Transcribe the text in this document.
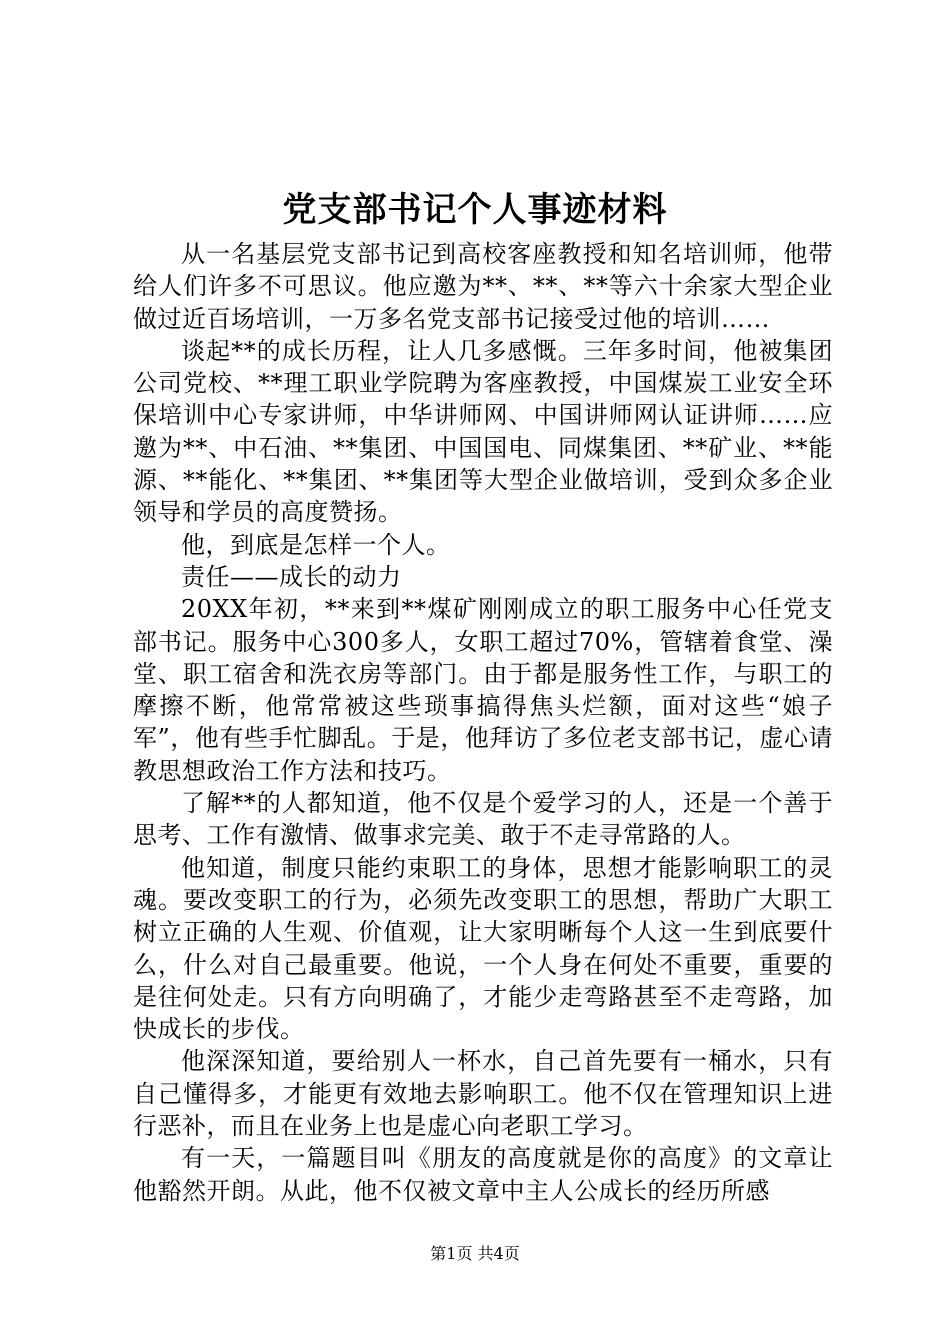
党支部书记个人事迹材料

从一名基层党支部书记到高校客座教授和知名培训师，他带给人们许多不可思议。他应邀为**、**、**等六十余家大型企业做过近百场培训，一万多名党支部书记接受过他的培训……

谈起**的成长历程，让人几多感慨。三年多时间，他被集团公司党校、**理工职业学院聘为客座教授，中国煤炭工业安全环保培训中心专家讲师，中华讲师网、中国讲师网认证讲师……应邀为**、中石油、**集团、中国国电、同煤集团、**矿业、**能源、**能化、**集团、**集团等大型企业做培训，受到众多企业领导和学员的高度赞扬。

他，到底是怎样一个人。

责任——成长的动力

20XX年初，**来到**煤矿刚刚成立的职工服务中心任党支部书记。服务中心300多人，女职工超过70%，管辖着食堂、澡堂、职工宿舍和洗衣房等部门。由于都是服务性工作，与职工的摩擦不断，他常常被这些琐事搞得焦头烂额，面对这些“娘子军”，他有些手忙脚乱。于是，他拜访了多位老支部书记，虚心请教思想政治工作方法和技巧。

了解**的人都知道，他不仅是个爱学习的人，还是一个善于思考、工作有激情、做事求完美、敢于不走寻常路的人。

他知道，制度只能约束职工的身体，思想才能影响职工的灵魂。要改变职工的行为，必须先改变职工的思想，帮助广大职工树立正确的人生观、价值观，让大家明晰每个人这一生到底要什么，什么对自己最重要。他说，一个人身在何处不重要，重要的是往何处走。只有方向明确了，才能少走弯路甚至不走弯路，加快成长的步伐。

他深深知道，要给别人一杯水，自己首先要有一桶水，只有自己懂得多，才能更有效地去影响职工。他不仅在管理知识上进行恶补，而且在业务上也是虚心向老职工学习。

有一天，一篇题目叫《朋友的高度就是你的高度》的文章让他豁然开朗。从此，他不仅被文章中主人公成长的经历所感

第1页 共4页
